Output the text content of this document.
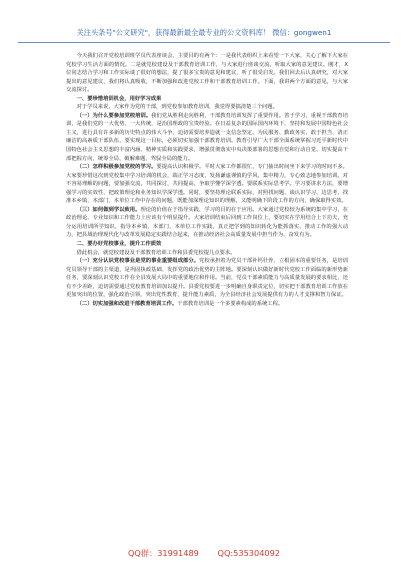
关注头条号"公文研究"，获得最新最全最专业的公文资料库！ 微信：gongwen1

今天我们召开党校培训班学员代表座谈会，主要目的有两个：一是我代表组织上来看望一下大家，关心了解下大家在党校学习生活方面的情况。二是就党校建设及干部教育培训工作，与大家进行座谈交流，听取大家的意见建议。刚才，X位同志结合学习和工作实际谈了很好的想法，提了很多宝贵的意见和建议，听了很受启发。我们回去后认真研究，对大家提出的意见建议，我们将认真吸收，不断加强和改进党校工作和干部教育培训工作。下面，我讲两个方面的意见，与大家交流探讨。

一、要珍惜培训机会，用好学习成果

对于学员来说，大家作为党的干部，到党校参加教育培训，我觉得要搞清楚三个问题。

（一）为什么要参加党校培训。我们党从胜利走向胜利，干部教育培训发挥了重要作用。善于学习，重视干部教育培训，是我们党的一大优势，一大传统，是治国理政的宝贵经验。在日益复杂的国际国内环境下，坚持和发展中国特色社会主义，进行具有许多新的历史特点的伟大斗争，迫切需要培养造就一支信念坚定、为民服务、勤政务实、敢于担当、清正廉洁的高素质干部队伍，要实现这一目标，必须切实加强干部教育培训。教育引导广大干部全面系统掌握习近平新时代中国特色社会主义思想的丰富内涵、精神实质和实践要求，增强贯彻落实中央决策部署的思想自觉和行动自觉，切实提高干部把握方向、统筹全局、破解难题、驾驭全局的能力。

（二）怎样积极参加党校的学习。要提高认识积极学。平时大家工作都很忙，专门抽出时间坐下来学习的时间不多。大家要珍惜这次到党校集中学习培训的机会，端正学习态度，发扬谦虚谨慎的学风，集中精力，专心致志地参加培训。对不容易理解的问题，要加强交流，共同探讨，共同提高，争取学懂学深学透。要联系实际思考学。学习要讲求方法，要增强学习的实效性，把政策理论和业务知识学深学透。同时，要坚持理论联系实际，对照找问题、谈认识学习、边思考，找准本乡镇、本部门、本单位工作中存在的问题，既能加深理论知识的理解，又能明确下阶段工作的方向，确保取得实效。

（三）如何做到学以致用。理论的价值在于指导实践，学习的目的在于应用。大家通过党校较为系统的集中学习，在政治理论、专业知识和工作能力上应该有个明显提升。大家培训结束后回到工作岗位上，要切实在学用结合上下功夫，充分运用培训所学知识，指导本乡镇、本部门、本单位工作实践，真正把学到的知识转化为能抓落实、推动工作的强大动力，把县域治理现代化与改革发展稳定实践结合起来，在推动经济社会高质量发展中担当作为、奋发有为。

二、要办好党校事业，提升工作质效

借此机会，就党校建设及干部教育培训工作和县委党校提几点要求。

（一）充分认识党校事业是党的事业重要组成部分。党校承担着为党员干部补钙壮骨、立根固本的重要任务，是培训党员领导干部的主渠道，是巩固执政基础、发挥党的政治优势的主阵地。要深刻认识做好新时代党校工作面临的新形势新任务，要深刻认识党校工作在全县发展大局中的重要地位和作用。当前，党员干部素质能力与高质量发展的要求相比，还有不少差距，迫切需要通过党校教育培训加以提升。县委党校要进一步明确自身职责定位，切实把干部教育培训工作放在更加突出的位置，强化政治引领，突出党性教育，提升能力素质，为全县经济社会发展提供有力的人才支撑和智力保证。

（二）切实加强和改进干部教育培训工作。干部教育培训是一个多要素构成的系统工程。

QQ群：31991489 QQ:535304092
